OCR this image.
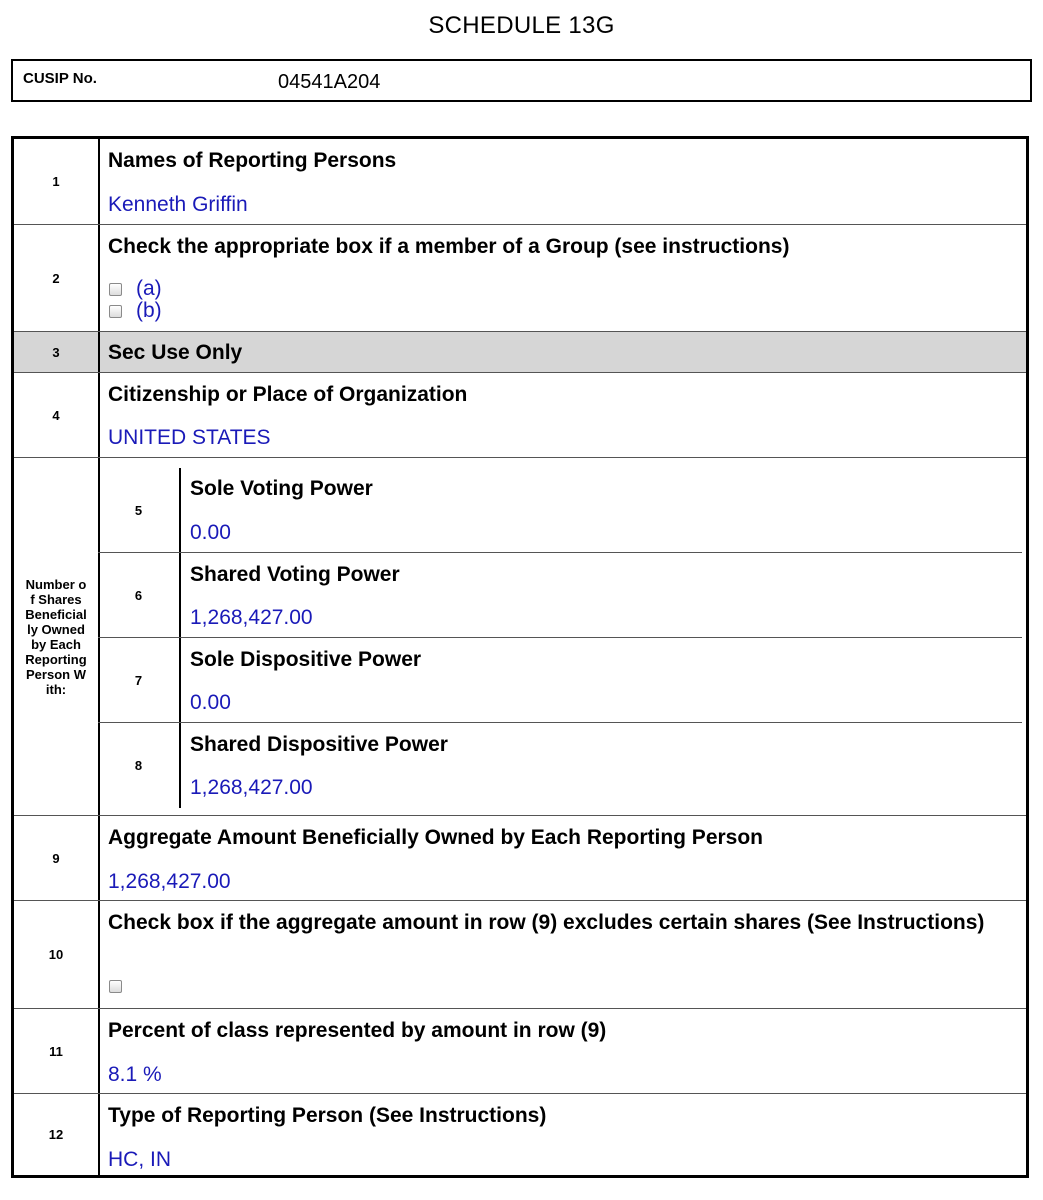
SCHEDULE 13G
CUSIP No.	04541A204
1
Names of Reporting Persons
Kenneth Griffin
2
Check the appropriate box if a member of a Group (see instructions)
(a)
(b)
3	Sec Use Only
4
Citizenship or Place of Organization
UNITED STATES
Number of Shares Beneficially Owned by Each Reporting Person With:
5
Sole Voting Power
0.00
6
Shared Voting Power
1,268,427.00
7
Sole Dispositive Power
0.00
8
Shared Dispositive Power
1,268,427.00
9
Aggregate Amount Beneficially Owned by Each Reporting Person
1,268,427.00
10
Check box if the aggregate amount in row (9) excludes certain shares (See Instructions)
11
Percent of class represented by amount in row (9)
8.1 %
12
Type of Reporting Person (See Instructions)
HC, IN
